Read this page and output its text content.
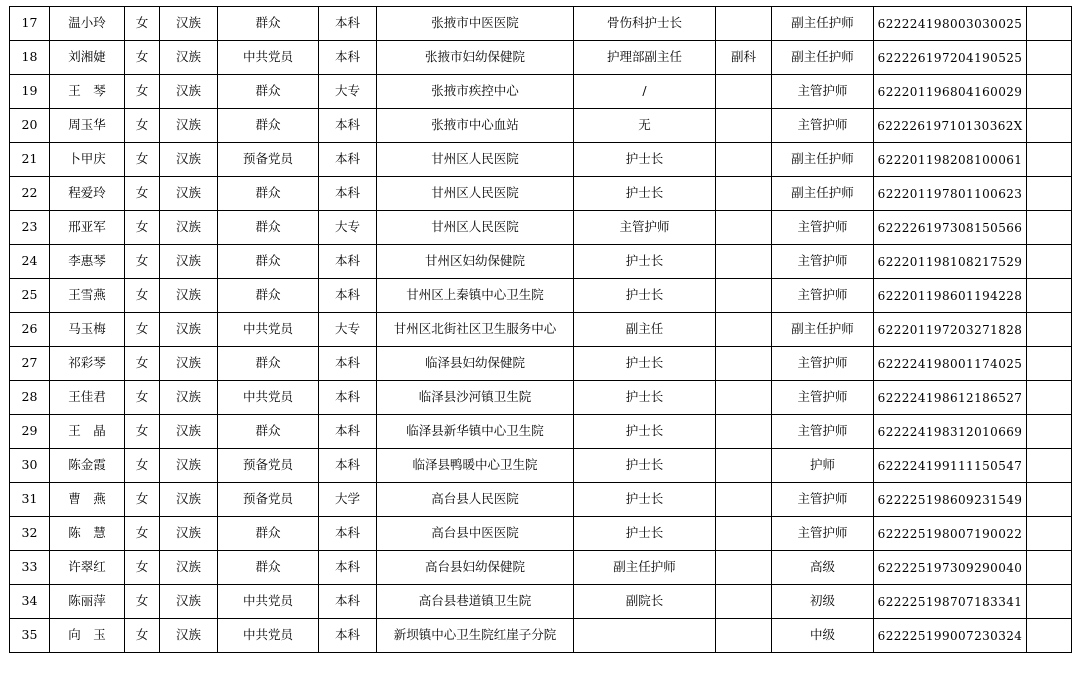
17	温小玲	女	汉族	群众	本科	张掖市中医医院	骨伤科护士长		副主任护师	622224198003030025	
18	刘湘婕	女	汉族	中共党员	本科	张掖市妇幼保健院	护理部副主任	副科	副主任护师	622226197204190525	
19	王　琴	女	汉族	群众	大专	张掖市疾控中心	/		主管护师	622201196804160029	
20	周玉华	女	汉族	群众	本科	张掖市中心血站	无		主管护师	62222619710130362X	
21	卜甲庆	女	汉族	预备党员	本科	甘州区人民医院	护士长		副主任护师	622201198208100061	
22	程爱玲	女	汉族	群众	本科	甘州区人民医院	护士长		副主任护师	622201197801100623	
23	邢亚军	女	汉族	群众	大专	甘州区人民医院	主管护师		主管护师	622226197308150566	
24	李惠琴	女	汉族	群众	本科	甘州区妇幼保健院	护士长		主管护师	622201198108217529	
25	王雪燕	女	汉族	群众	本科	甘州区上秦镇中心卫生院	护士长		主管护师	622201198601194228	
26	马玉梅	女	汉族	中共党员	大专	甘州区北街社区卫生服务中心	副主任		副主任护师	622201197203271828	
27	祁彩琴	女	汉族	群众	本科	临泽县妇幼保健院	护士长		主管护师	622224198001174025	
28	王佳君	女	汉族	中共党员	本科	临泽县沙河镇卫生院	护士长		主管护师	622224198612186527	
29	王　晶	女	汉族	群众	本科	临泽县新华镇中心卫生院	护士长		主管护师	622224198312010669	
30	陈金霞	女	汉族	预备党员	本科	临泽县鸭暖中心卫生院	护士长		护师	622224199111150547	
31	曹　燕	女	汉族	预备党员	大学	高台县人民医院	护士长		主管护师	622225198609231549	
32	陈　慧	女	汉族	群众	本科	高台县中医医院	护士长		主管护师	622225198007190022	
33	许翠红	女	汉族	群众	本科	高台县妇幼保健院	副主任护师		高级	622225197309290040	
34	陈丽萍	女	汉族	中共党员	本科	高台县巷道镇卫生院	副院长		初级	622225198707183341	
35	向　玉	女	汉族	中共党员	本科	新坝镇中心卫生院红崖子分院			中级	622225199007230324	
